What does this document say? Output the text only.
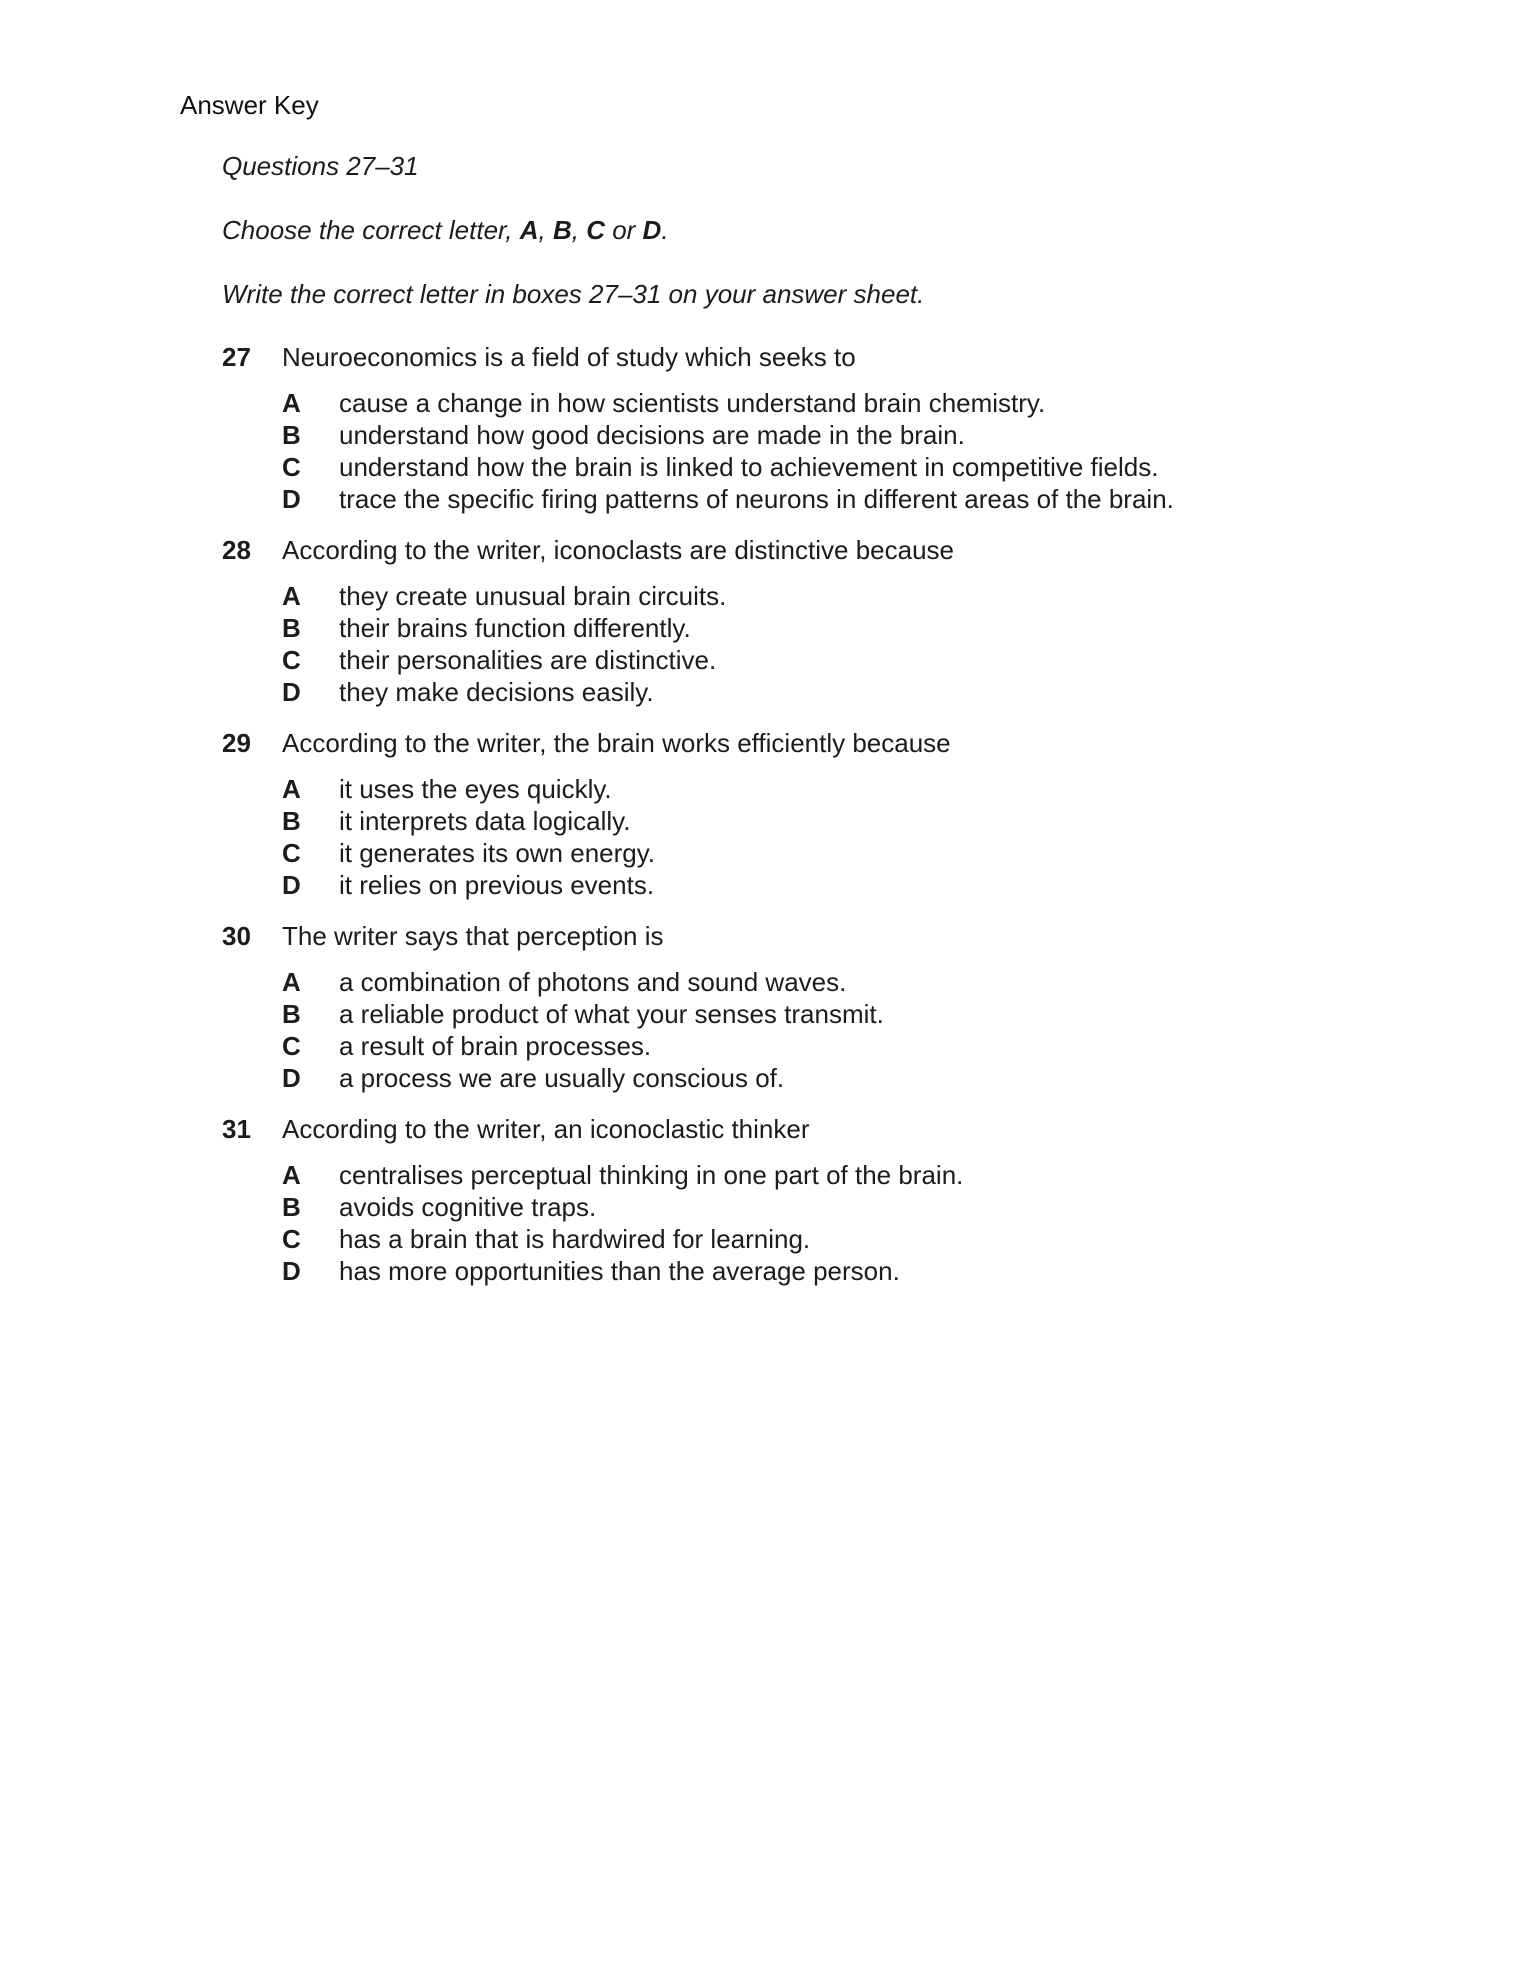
Answer Key

Questions 27–31

Choose the correct letter, A, B, C or D.

Write the correct letter in boxes 27–31 on your answer sheet.

27	Neuroeconomics is a field of study which seeks to
A	cause a change in how scientists understand brain chemistry.
B	understand how good decisions are made in the brain.
C	understand how the brain is linked to achievement in competitive fields.
D	trace the specific firing patterns of neurons in different areas of the brain.
28	According to the writer, iconoclasts are distinctive because
A	they create unusual brain circuits.
B	their brains function differently.
C	their personalities are distinctive.
D	they make decisions easily.
29	According to the writer, the brain works efficiently because
A	it uses the eyes quickly.
B	it interprets data logically.
C	it generates its own energy.
D	it relies on previous events.
30	The writer says that perception is
A	a combination of photons and sound waves.
B	a reliable product of what your senses transmit.
C	a result of brain processes.
D	a process we are usually conscious of.
31	According to the writer, an iconoclastic thinker
A	centralises perceptual thinking in one part of the brain.
B	avoids cognitive traps.
C	has a brain that is hardwired for learning.
D	has more opportunities than the average person.
